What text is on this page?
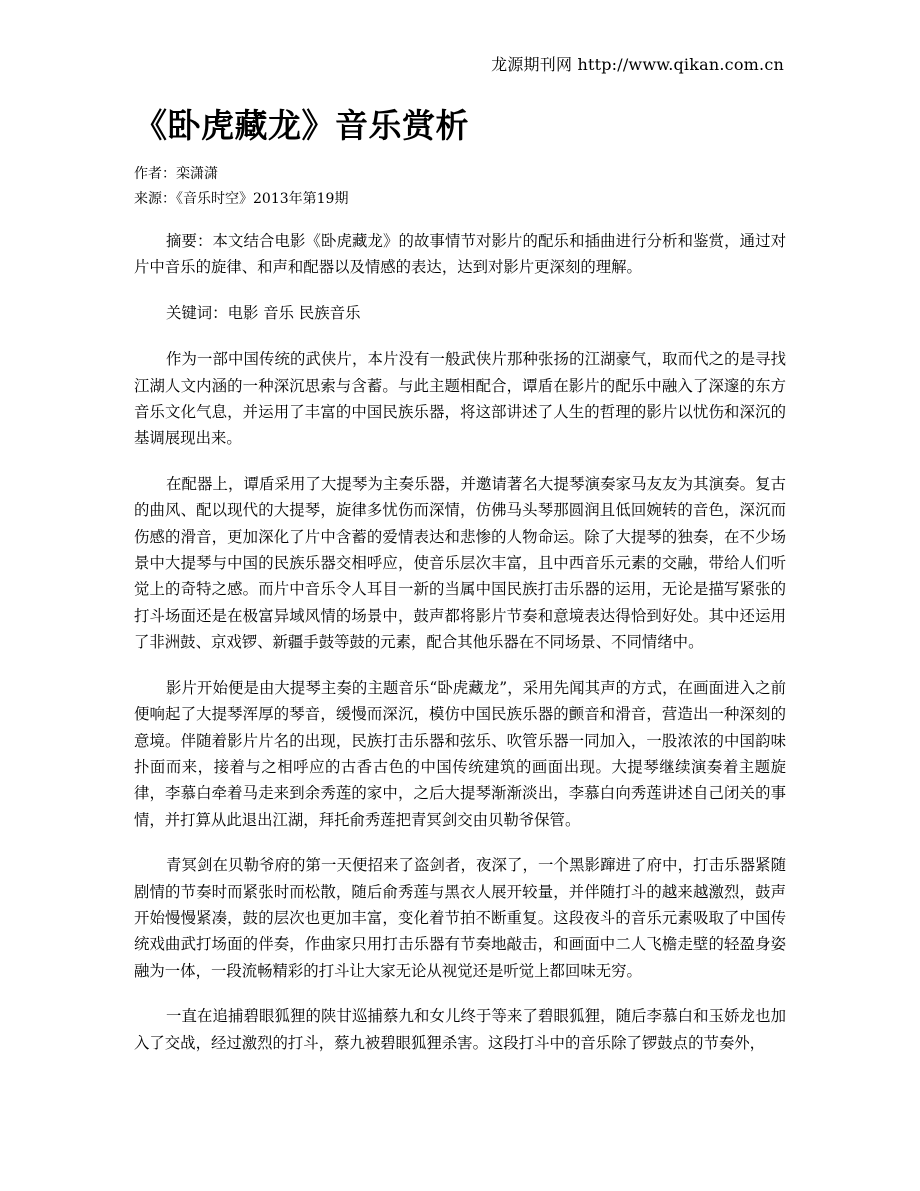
龙源期刊网 http://www.qikan.com.cn
《卧虎藏龙》音乐赏析
作者：栾潇潇
来源：《音乐时空》2013年第19期

摘要：本文结合电影《卧虎藏龙》的故事情节对影片的配乐和插曲进行分析和鉴赏，通过对片中音乐的旋律、和声和配器以及情感的表达，达到对影片更深刻的理解。

关键词：电影 音乐 民族音乐

作为一部中国传统的武侠片，本片没有一般武侠片那种张扬的江湖豪气，取而代之的是寻找江湖人文内涵的一种深沉思索与含蓄。与此主题相配合，谭盾在影片的配乐中融入了深邃的东方音乐文化气息，并运用了丰富的中国民族乐器，将这部讲述了人生的哲理的影片以忧伤和深沉的基调展现出来。

在配器上，谭盾采用了大提琴为主奏乐器，并邀请著名大提琴演奏家马友友为其演奏。复古的曲风、配以现代的大提琴，旋律多忧伤而深情，仿佛马头琴那圆润且低回婉转的音色，深沉而伤感的滑音，更加深化了片中含蓄的爱情表达和悲惨的人物命运。除了大提琴的独奏，在不少场景中大提琴与中国的民族乐器交相呼应，使音乐层次丰富，且中西音乐元素的交融，带给人们听觉上的奇特之感。而片中音乐令人耳目一新的当属中国民族打击乐器的运用，无论是描写紧张的打斗场面还是在极富异域风情的场景中，鼓声都将影片节奏和意境表达得恰到好处。其中还运用了非洲鼓、京戏锣、新疆手鼓等鼓的元素，配合其他乐器在不同场景、不同情绪中。

影片开始便是由大提琴主奏的主题音乐“卧虎藏龙”，采用先闻其声的方式，在画面进入之前便响起了大提琴浑厚的琴音，缓慢而深沉，模仿中国民族乐器的颤音和滑音，营造出一种深刻的意境。伴随着影片片名的出现，民族打击乐器和弦乐、吹管乐器一同加入，一股浓浓的中国韵味扑面而来，接着与之相呼应的古香古色的中国传统建筑的画面出现。大提琴继续演奏着主题旋律，李慕白牵着马走来到余秀莲的家中，之后大提琴渐渐淡出，李慕白向秀莲讲述自己闭关的事情，并打算从此退出江湖，拜托俞秀莲把青冥剑交由贝勒爷保管。

青冥剑在贝勒爷府的第一天便招来了盗剑者，夜深了，一个黑影蹿进了府中，打击乐器紧随剧情的节奏时而紧张时而松散，随后俞秀莲与黑衣人展开较量，并伴随打斗的越来越激烈，鼓声开始慢慢紧凑，鼓的层次也更加丰富，变化着节拍不断重复。这段夜斗的音乐元素吸取了中国传统戏曲武打场面的伴奏，作曲家只用打击乐器有节奏地敲击，和画面中二人飞檐走壁的轻盈身姿融为一体，一段流畅精彩的打斗让大家无论从视觉还是听觉上都回味无穷。

一直在追捕碧眼狐狸的陕甘巡捕蔡九和女儿终于等来了碧眼狐狸，随后李慕白和玉娇龙也加入了交战，经过激烈的打斗，蔡九被碧眼狐狸杀害。这段打斗中的音乐除了锣鼓点的节奏外，
